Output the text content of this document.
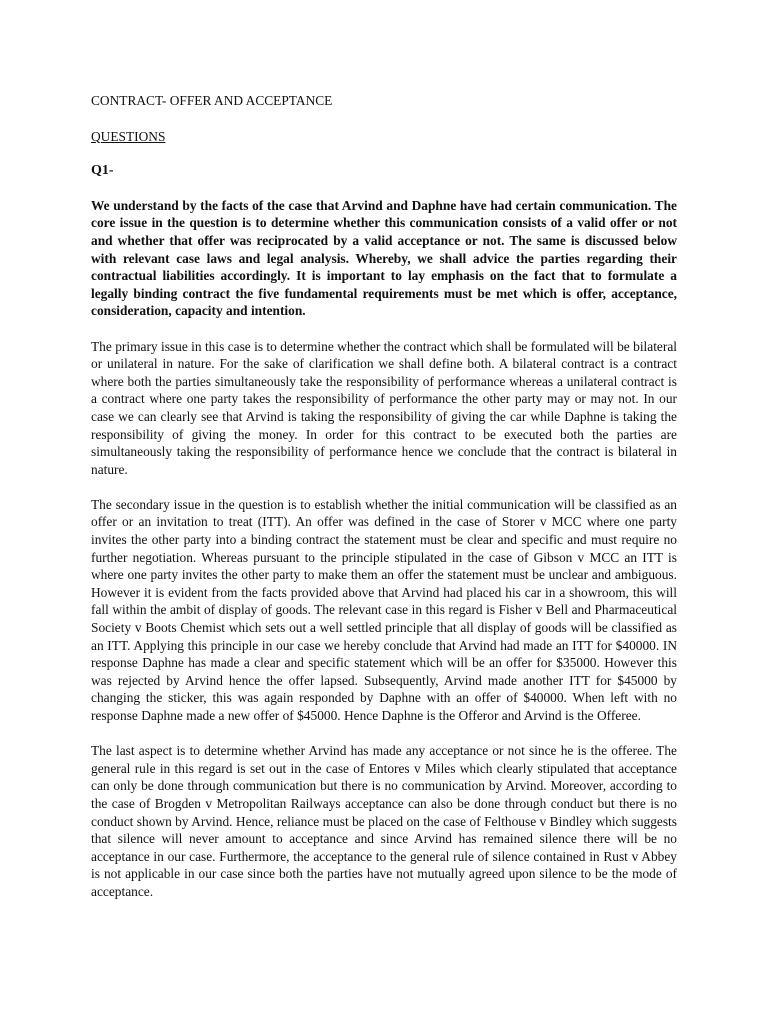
CONTRACT- OFFER AND ACCEPTANCE
QUESTIONS
Q1-

We understand by the facts of the case that Arvind and Daphne have had certain communication. The core issue in the question is to determine whether this communication consists of a valid offer or not and whether that offer was reciprocated by a valid acceptance or not. The same is discussed below with relevant case laws and legal analysis. Whereby, we shall advice the parties regarding their contractual liabilities accordingly. It is important to lay emphasis on the fact that to formulate a legally binding contract the five fundamental requirements must be met which is offer, acceptance, consideration, capacity and intention.

The primary issue in this case is to determine whether the contract which shall be formulated will be bilateral or unilateral in nature. For the sake of clarification we shall define both. A bilateral contract is a contract where both the parties simultaneously take the responsibility of performance whereas a unilateral contract is a contract where one party takes the responsibility of performance the other party may or may not. In our case we can clearly see that Arvind is taking the responsibility of giving the car while Daphne is taking the responsibility of giving the money. In order for this contract to be executed both the parties are simultaneously taking the responsibility of performance hence we conclude that the contract is bilateral in nature.

The secondary issue in the question is to establish whether the initial communication will be classified as an offer or an invitation to treat (ITT). An offer was defined in the case of Storer v MCC where one party invites the other party into a binding contract the statement must be clear and specific and must require no further negotiation. Whereas pursuant to the principle stipulated in the case of Gibson v MCC an ITT is where one party invites the other party to make them an offer the statement must be unclear and ambiguous. However it is evident from the facts provided above that Arvind had placed his car in a showroom, this will fall within the ambit of display of goods. The relevant case in this regard is Fisher v Bell and Pharmaceutical Society v Boots Chemist which sets out a well settled principle that all display of goods will be classified as an ITT. Applying this principle in our case we hereby conclude that Arvind had made an ITT for $40000. IN response Daphne has made a clear and specific statement which will be an offer for $35000. However this was rejected by Arvind hence the offer lapsed. Subsequently, Arvind made another ITT for $45000 by changing the sticker, this was again responded by Daphne with an offer of $40000. When left with no response Daphne made a new offer of $45000. Hence Daphne is the Offeror and Arvind is the Offeree.

The last aspect is to determine whether Arvind has made any acceptance or not since he is the offeree. The general rule in this regard is set out in the case of Entores v Miles which clearly stipulated that acceptance can only be done through communication but there is no communication by Arvind. Moreover, according to the case of Brogden v Metropolitan Railways acceptance can also be done through conduct but there is no conduct shown by Arvind. Hence, reliance must be placed on the case of Felthouse v Bindley which suggests that silence will never amount to acceptance and since Arvind has remained silence there will be no acceptance in our case. Furthermore, the acceptance to the general rule of silence contained in Rust v Abbey is not applicable in our case since both the parties have not mutually agreed upon silence to be the mode of acceptance.
